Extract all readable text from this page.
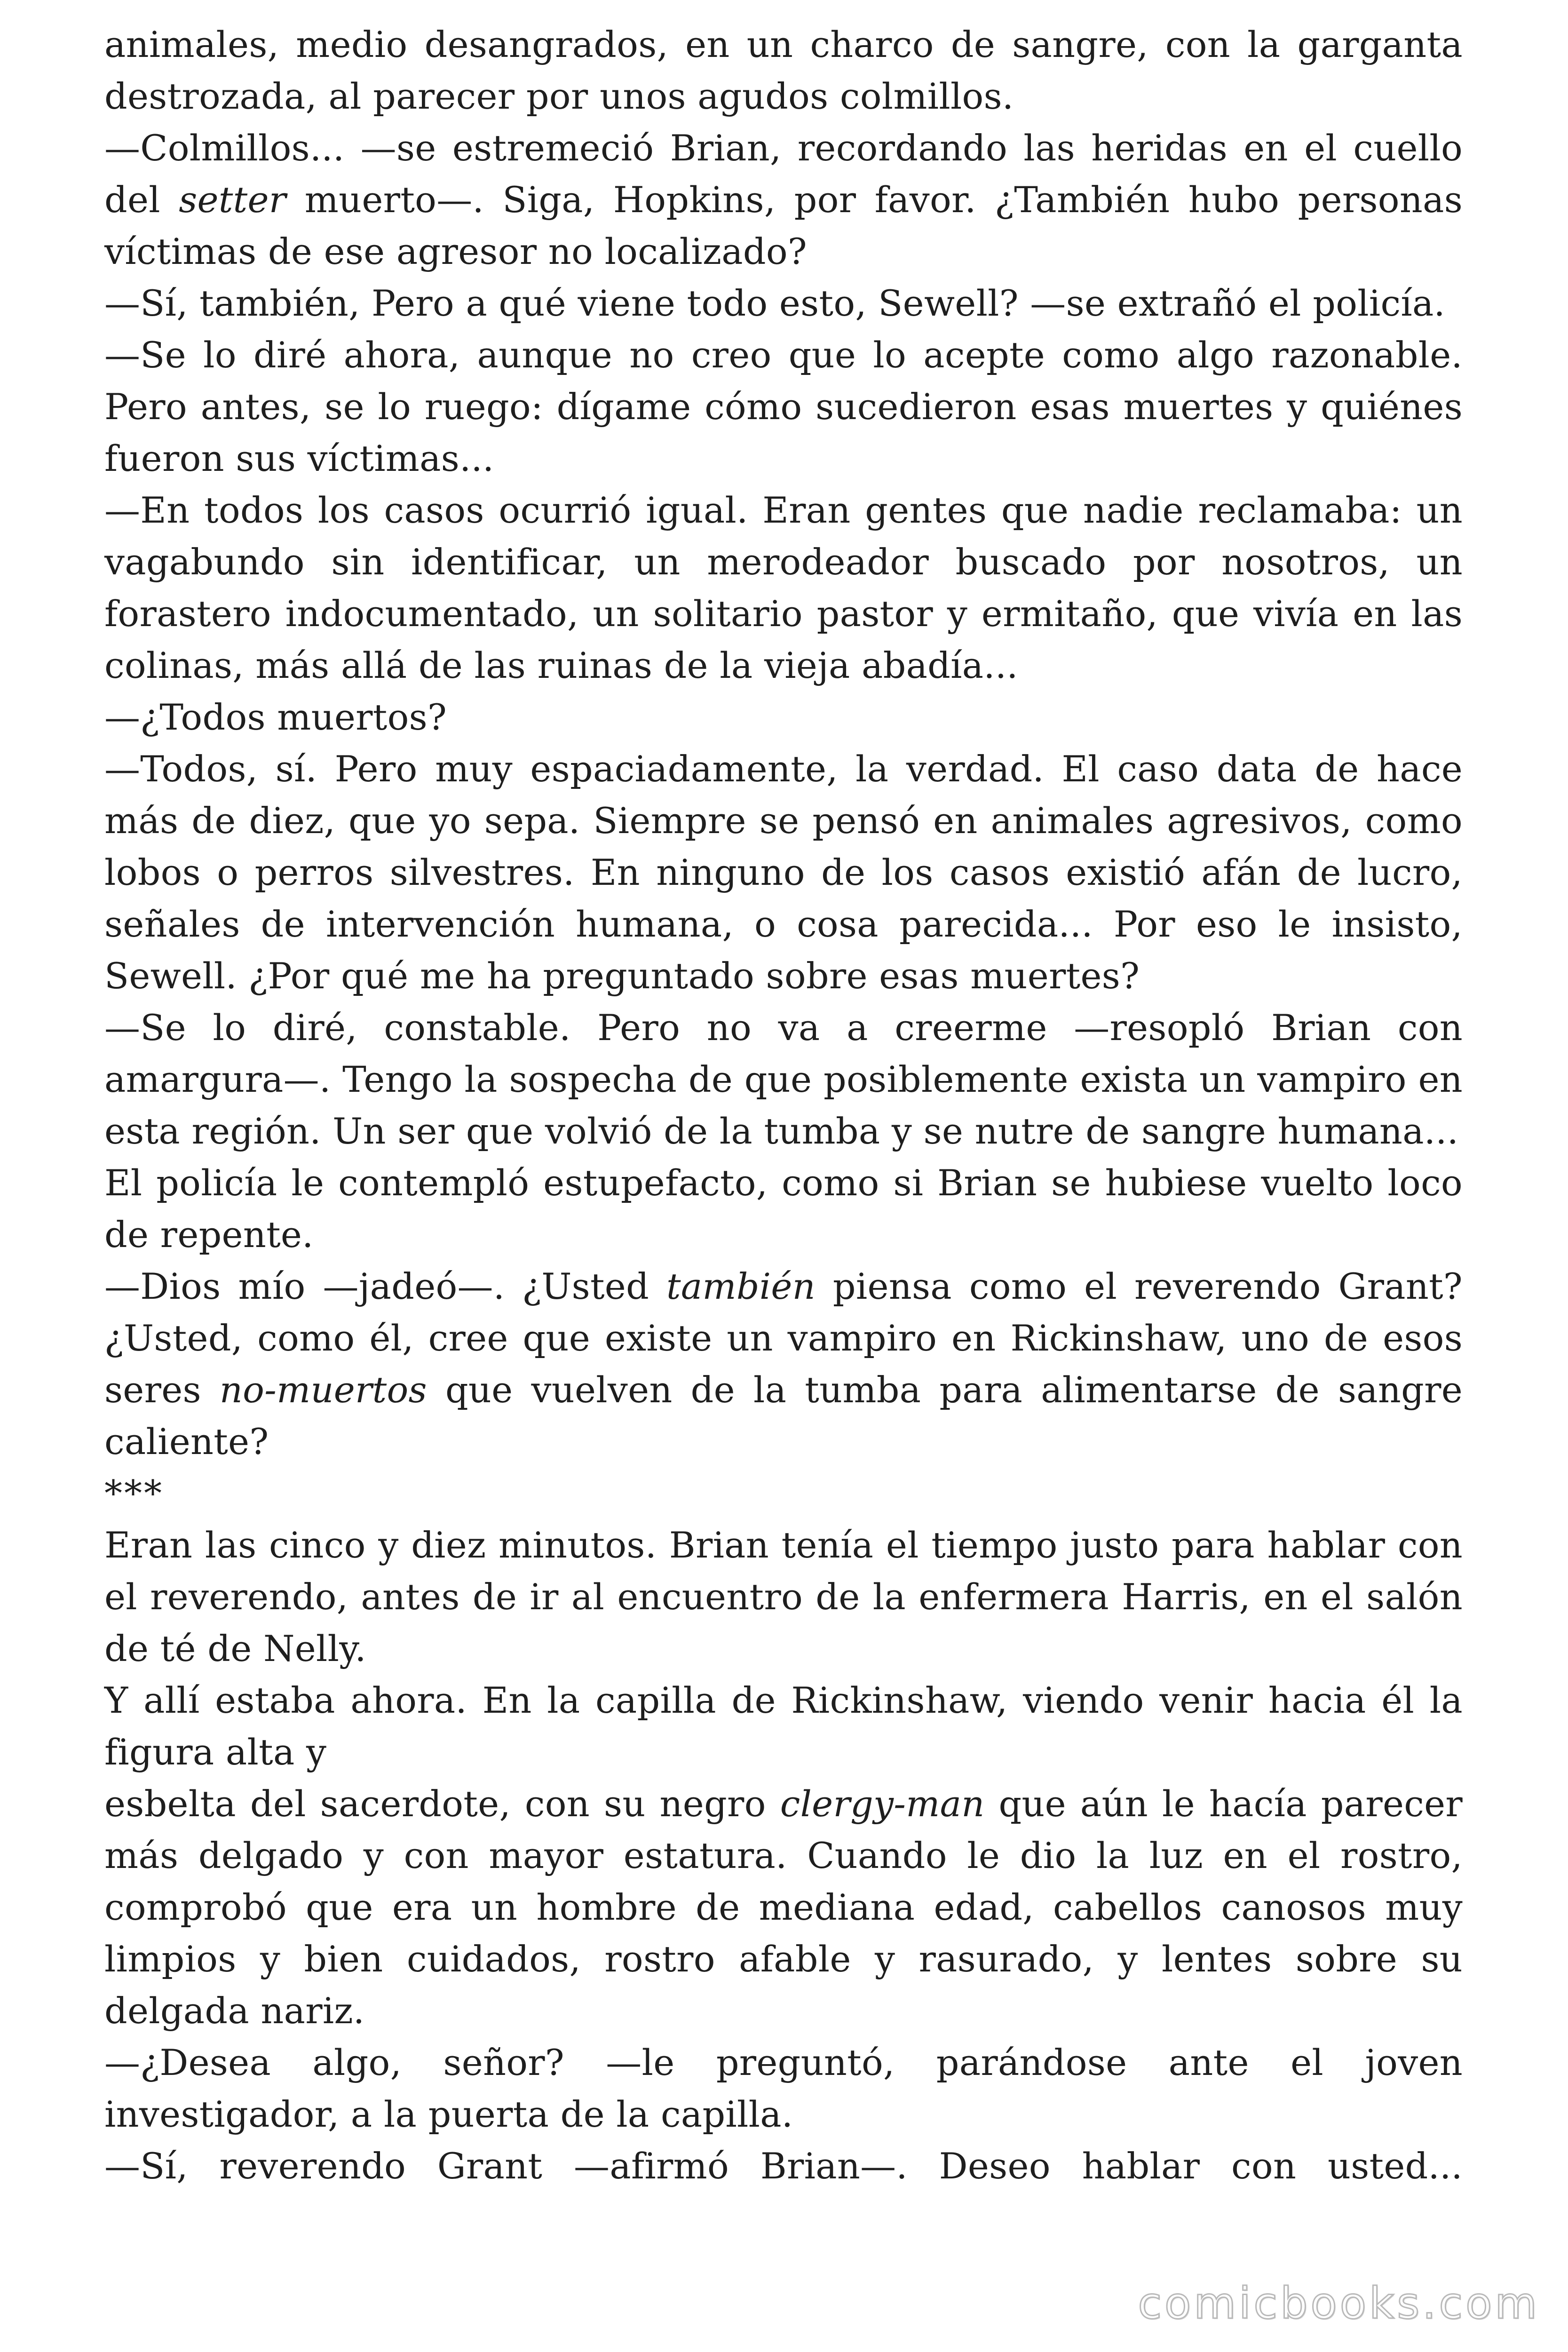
animales, medio desangrados, en un charco de sangre, con la garganta destrozada, al parecer por unos agudos colmillos.

—Colmillos... —se estremeció Brian, recordando las heridas en el cuello del setter muerto—. Siga, Hopkins, por favor. ¿También hubo personas víctimas de ese agresor no localizado?

—Sí, también, Pero a qué viene todo esto, Sewell? —se extrañó el policía.

—Se lo diré ahora, aunque no creo que lo acepte como algo razonable. Pero antes, se lo ruego: dígame cómo sucedieron esas muertes y quiénes fueron sus víctimas...

—En todos los casos ocurrió igual. Eran gentes que nadie reclamaba: un vagabundo sin identificar, un merodeador buscado por nosotros, un forastero indocumentado, un solitario pastor y ermitaño, que vivía en las colinas, más allá de las ruinas de la vieja abadía...

—¿Todos muertos?

—Todos, sí. Pero muy espaciadamente, la verdad. El caso data de hace más de diez, que yo sepa. Siempre se pensó en animales agresivos, como lobos o perros silvestres. En ninguno de los casos existió afán de lucro, señales de intervención humana, o cosa parecida... Por eso le insisto, Sewell. ¿Por qué me ha preguntado sobre esas muertes?

—Se lo diré, constable. Pero no va a creerme —resopló Brian con amargura—. Tengo la sospecha de que posiblemente exista un vampiro en esta región. Un ser que volvió de la tumba y se nutre de sangre humana...

El policía le contempló estupefacto, como si Brian se hubiese vuelto loco de repente.

—Dios mío —jadeó—. ¿Usted también piensa como el reverendo Grant? ¿Usted, como él, cree que existe un vampiro en Rickinshaw, uno de esos seres no-muertos que vuelven de la tumba para alimentarse de sangre caliente?

***

Eran las cinco y diez minutos. Brian tenía el tiempo justo para hablar con el reverendo, antes de ir al encuentro de la enfermera Harris, en el salón de té de Nelly.

Y allí estaba ahora. En la capilla de Rickinshaw, viendo venir hacia él la figura alta y

esbelta del sacerdote, con su negro clergy-man que aún le hacía parecer más delgado y con mayor estatura. Cuando le dio la luz en el rostro, comprobó que era un hombre de mediana edad, cabellos canosos muy limpios y bien cuidados, rostro afable y rasurado, y lentes sobre su delgada nariz.

—¿Desea algo, señor? —le preguntó, parándose ante el joven investigador, a la puerta de la capilla.

—Sí, reverendo Grant —afirmó Brian—. Deseo hablar con usted...

comicbooks.com
